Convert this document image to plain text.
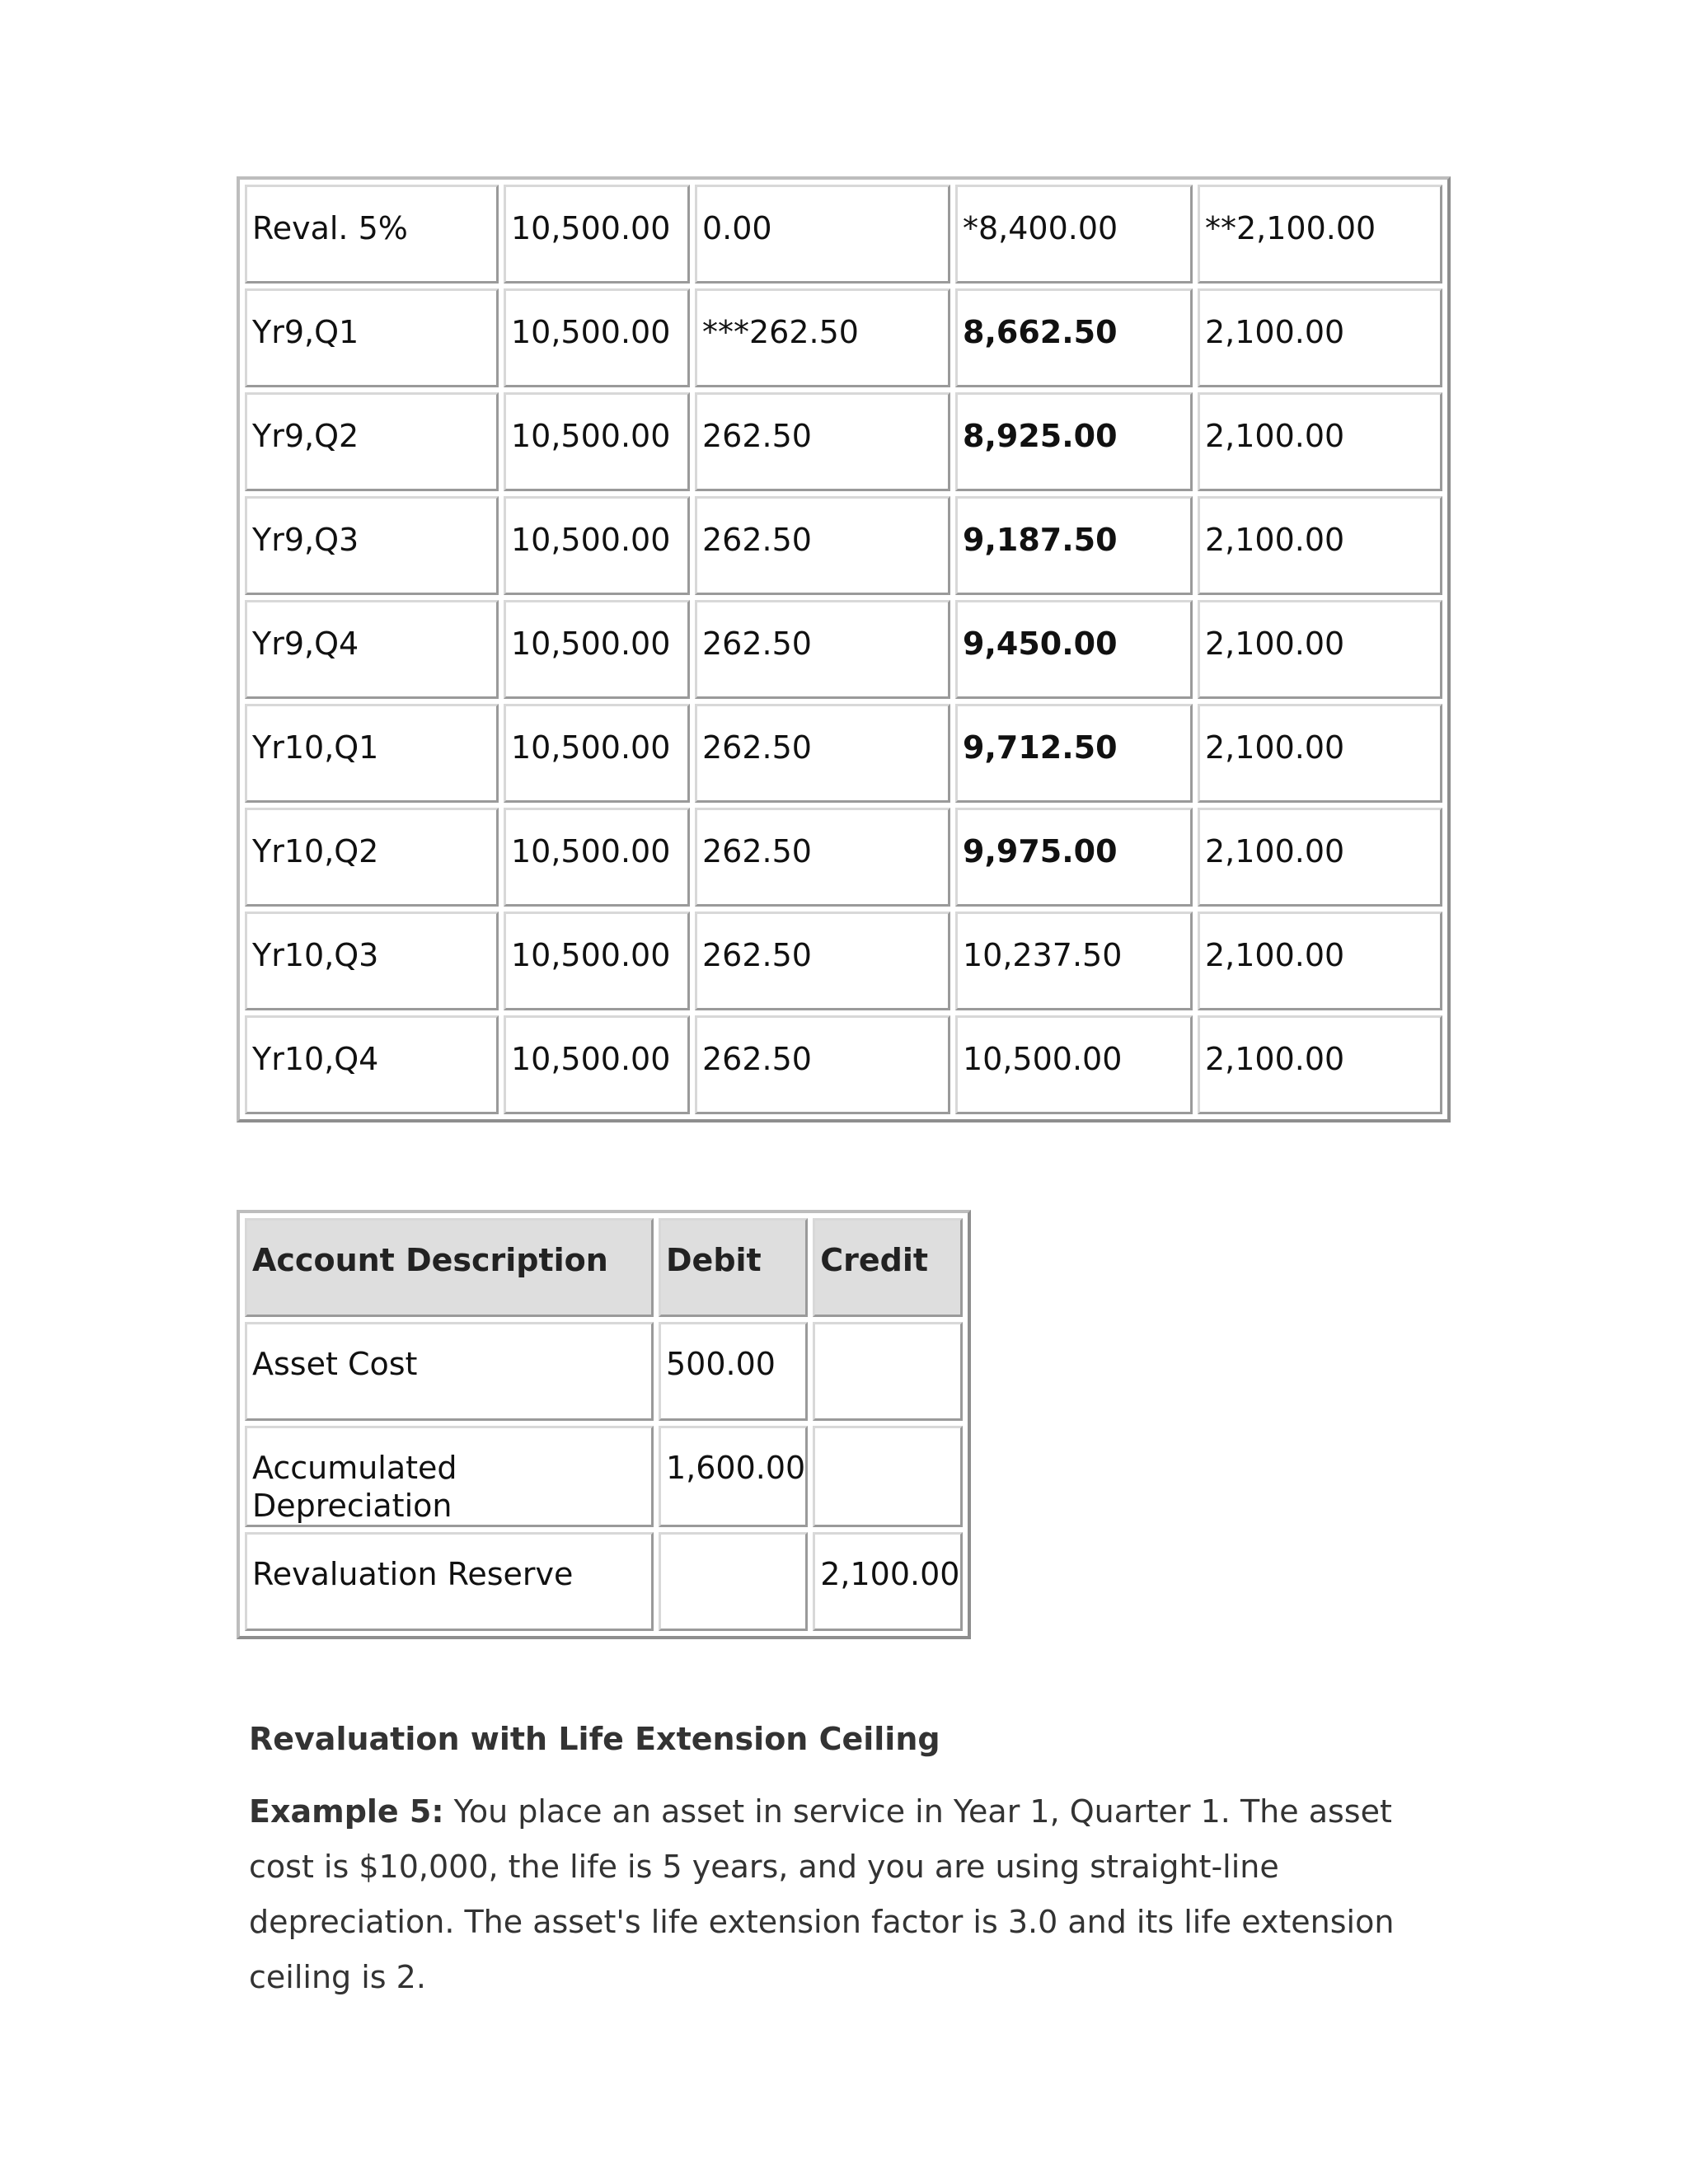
Reval. 5%	10,500.00	0.00	*8,400.00	**2,100.00
Yr9,Q1	10,500.00	***262.50	8,662.50	2,100.00
Yr9,Q2	10,500.00	262.50	8,925.00	2,100.00
Yr9,Q3	10,500.00	262.50	9,187.50	2,100.00
Yr9,Q4	10,500.00	262.50	9,450.00	2,100.00
Yr10,Q1	10,500.00	262.50	9,712.50	2,100.00
Yr10,Q2	10,500.00	262.50	9,975.00	2,100.00
Yr10,Q3	10,500.00	262.50	10,237.50	2,100.00
Yr10,Q4	10,500.00	262.50	10,500.00	2,100.00
Account Description	Debit	Credit
Asset Cost	500.00	
Accumulated Depreciation	1,600.00	
Revaluation Reserve		2,100.00
Revaluation with Life Extension Ceiling

Example 5: You place an asset in service in Year 1, Quarter 1. The asset cost is $10,000, the life is 5 years, and you are using straight-line depreciation. The asset's life extension factor is 3.0 and its life extension ceiling is 2.
